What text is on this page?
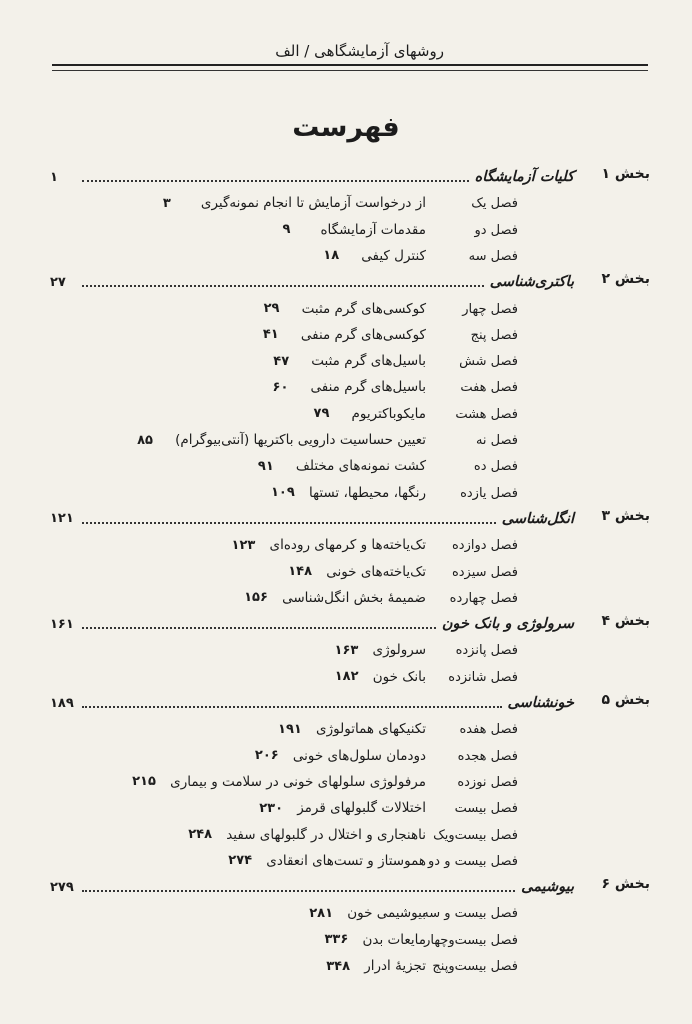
روشهای آزمایشگاهی / الف
فهرست
بخش ۱
کلیات آزمایشگاه
۱
فصل یک
از درخواست آزمایش تا انجام نمونه‌گیری
۳
فصل دو
مقدمات آزمایشگاه
۹
فصل سه
کنترل کیفی
۱۸
بخش ۲
باکتری‌شناسی
۲۷
فصل چهار
کوکسی‌های گرم مثبت
۲۹
فصل پنج
کوکسی‌های گرم منفی
۴۱
فصل شش
باسیل‌های گرم مثبت
۴۷
فصل هفت
باسیل‌های گرم منفی
۶۰
فصل هشت
مایکوباکتریوم
۷۹
فصل نه
تعیین حساسیت دارویی باکتریها (آنتی‌بیوگرام)
۸۵
فصل ده
کشت نمونه‌های مختلف
۹۱
فصل یازده
رنگها، محیطها، تستها
۱۰۹
بخش ۳
انگل‌شناسی
۱۲۱
فصل دوازده
تک‌یاخته‌ها و کرمهای روده‌ای
۱۲۳
فصل سیزده
تک‌یاخته‌های خونی
۱۴۸
فصل چهارده
ضمیمهٔ بخش انگل‌شناسی
۱۵۶
بخش ۴
سرولوژی و بانک خون
۱۶۱
فصل پانزده
سرولوژی
۱۶۳
فصل شانزده
بانک خون
۱۸۲
بخش ۵
خونشناسی
۱۸۹
فصل هفده
تکنیکهای هماتولوژی
۱۹۱
فصل هجده
دودمان سلول‌های خونی
۲۰۶
فصل نوزده
مرفولوژی سلولهای خونی در سلامت و بیماری
۲۱۵
فصل بیست
اختلالات گلبولهای قرمز
۲۳۰
فصل بیست‌ویک
ناهنجاری و اختلال در گلبولهای سفید
۲۴۸
فصل بیست و دو
هموستاز و تست‌های انعقادی
۲۷۴
بخش ۶
بیوشیمی
۲۷۹
فصل بیست و سه
بیوشیمی خون
۲۸۱
فصل بیست‌وچهار
مایعات بدن
۳۳۶
فصل بیست‌وپنج
تجزیهٔ ادرار
۳۴۸
